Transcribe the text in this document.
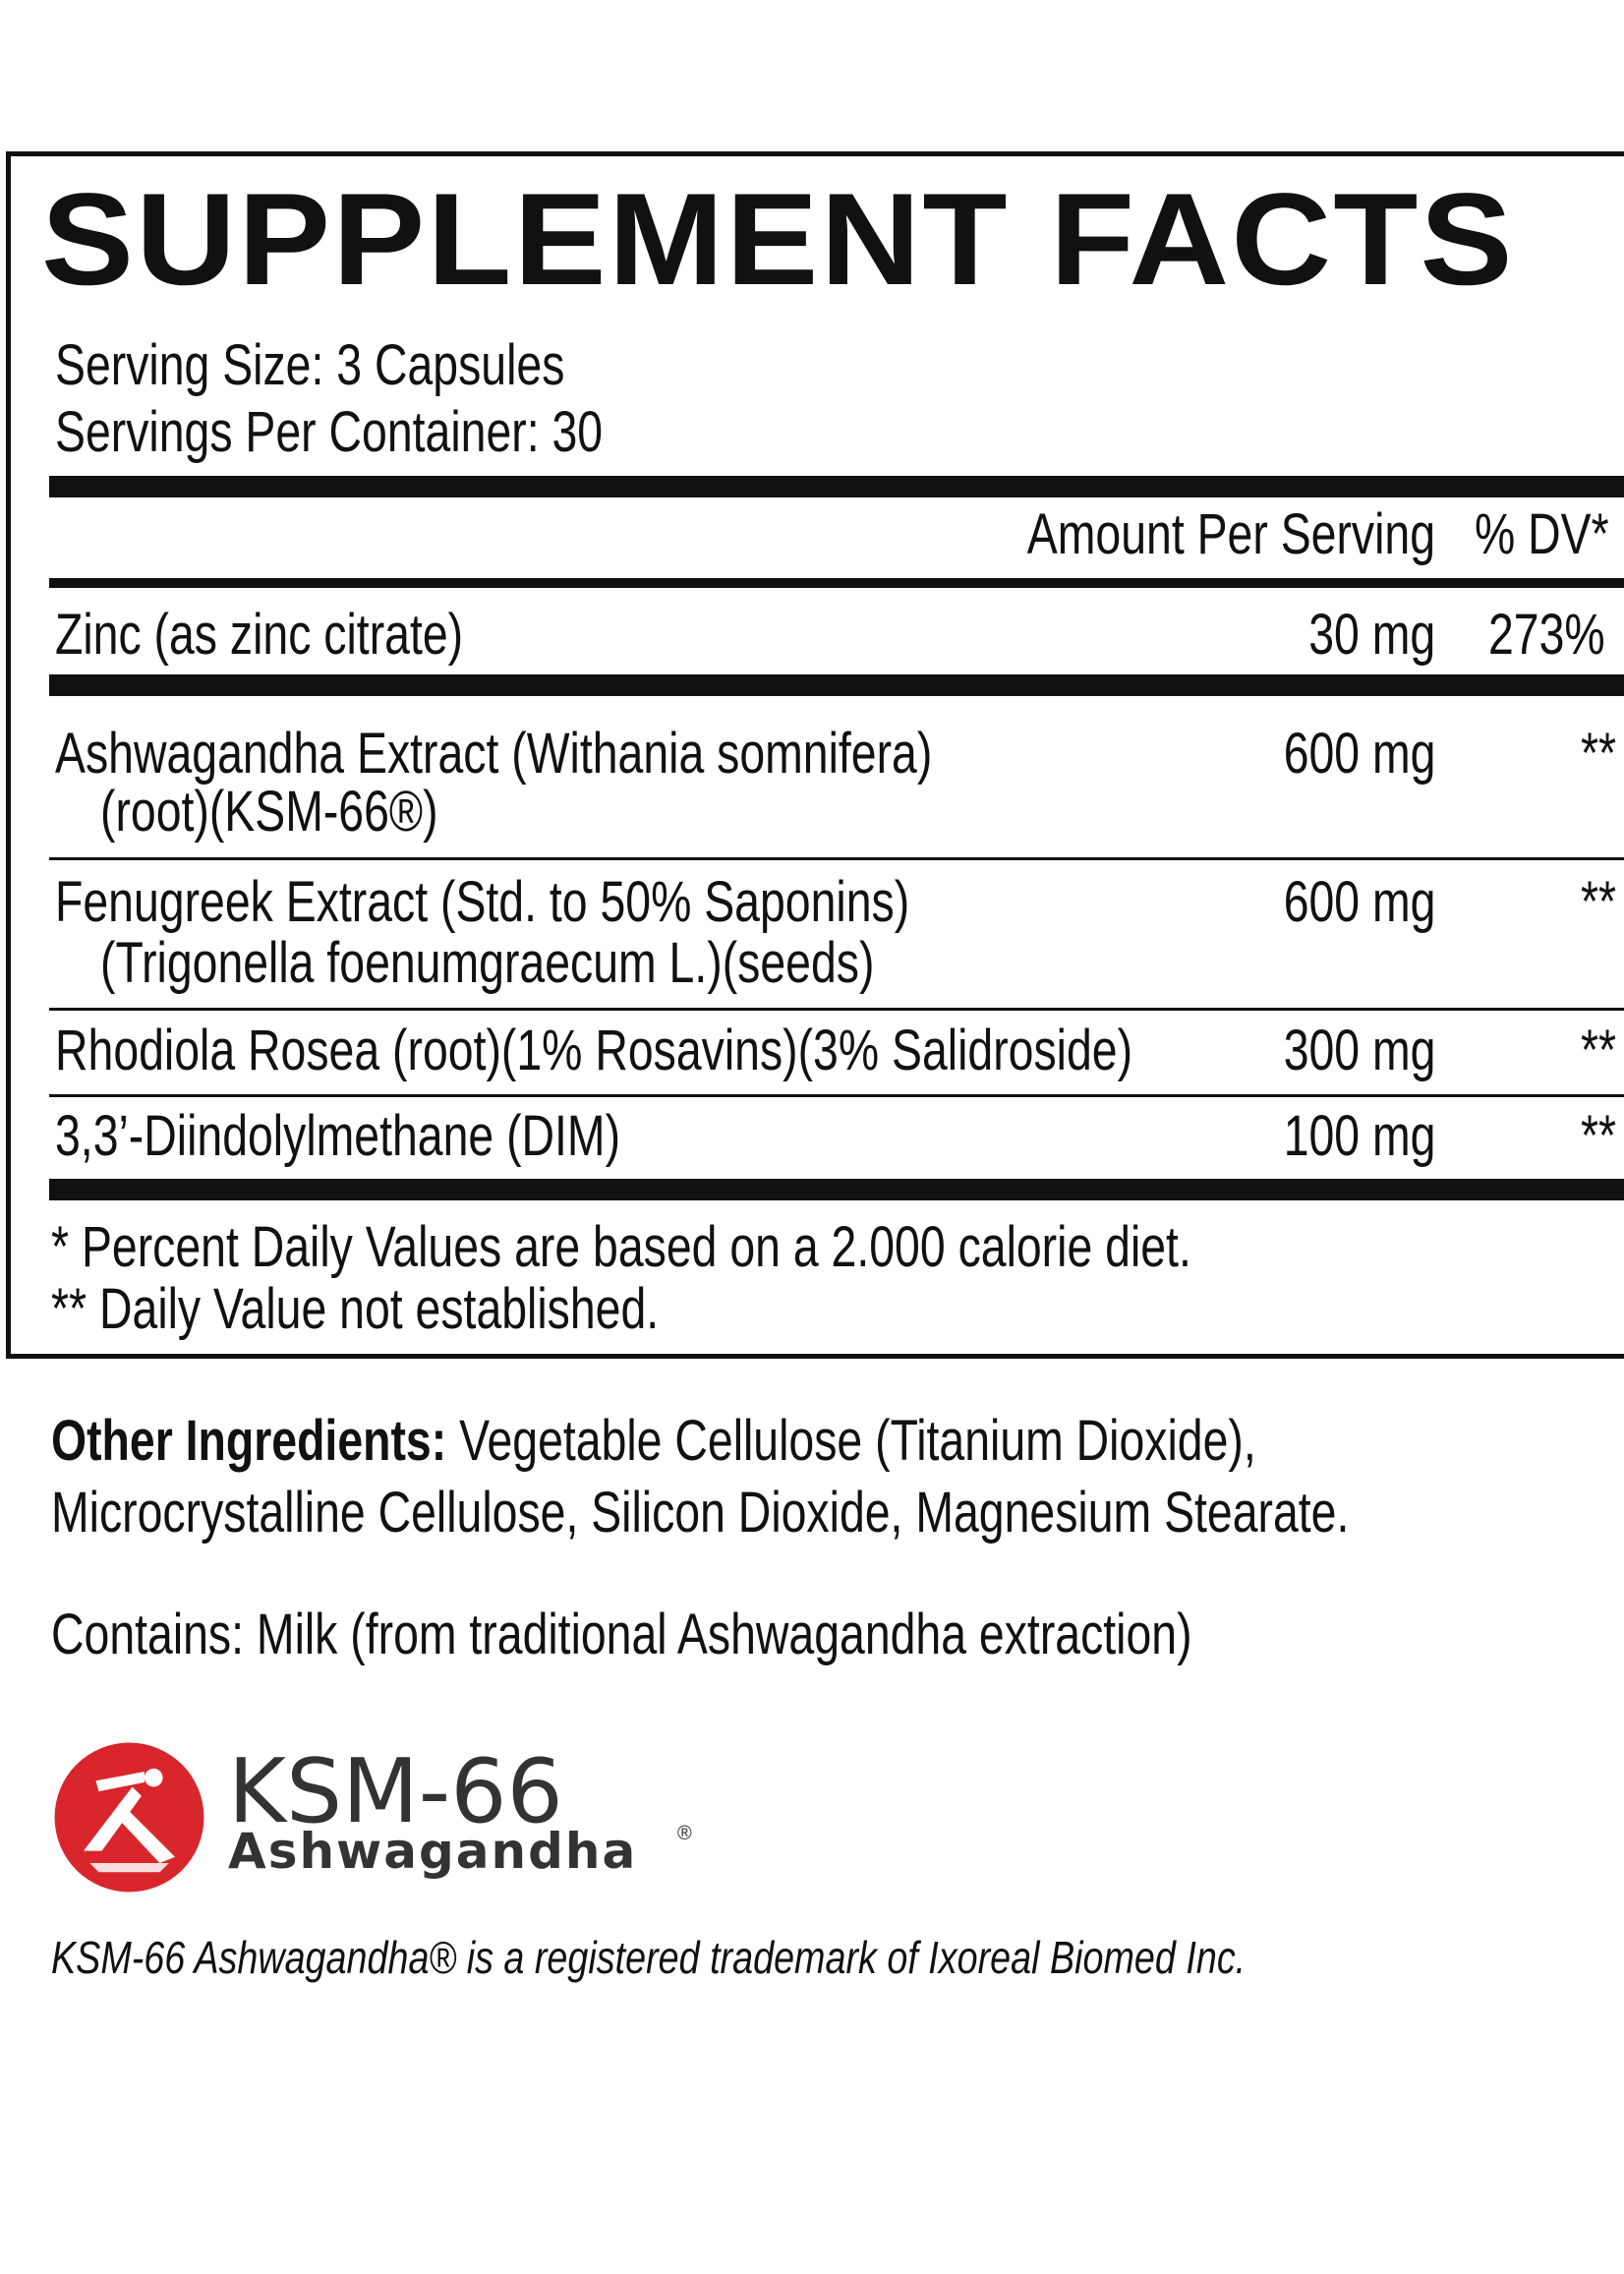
SUPPLEMENT FACTS
Serving Size: 3 Capsules
Servings Per Container: 30
Amount Per Serving % DV*
Zinc (as zinc citrate)	30 mg 273%
Ashwagandha Extract (Withania somnifera)
(root)(KSM-66®)
600 mg	**
Fenugreek Extract (Std. to 50% Saponins)
(Trigonella foenumgraecum L.)(seeds)
600 mg	**
Rhodiola Rosea (root)(1% Rosavins)(3% Salidroside)	300 mg	**
3,3’-Diindolylmethane (DIM)	100 mg	**
* Percent Daily Values are based on a 2.000 calorie diet.
** Daily Value not established.
Other Ingredients: Vegetable Cellulose (Titanium Dioxide),
Microcrystalline Cellulose, Silicon Dioxide, Magnesium Stearate.
Contains: Milk (from traditional Ashwagandha extraction)
KSM-66
Ashwagandha ®
KSM-66 Ashwagandha® is a registered trademark of Ixoreal Biomed Inc.
